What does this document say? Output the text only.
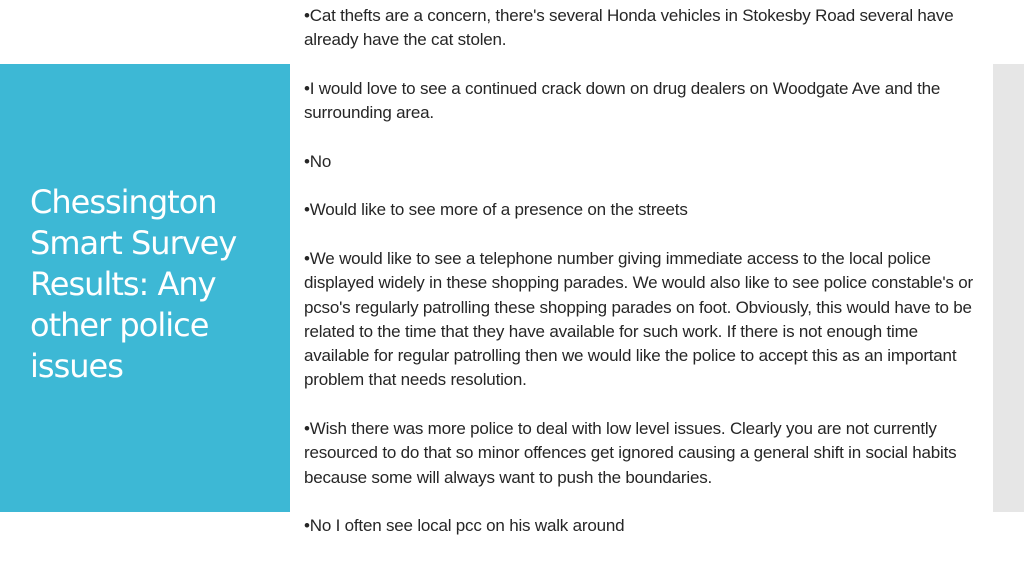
Chessington Smart Survey Results: Any other police issues

•Cat thefts are a concern, there's several Honda vehicles in Stokesby Road several have already have the cat stolen.

•I would love to see a continued crack down on drug dealers on Woodgate Ave and the surrounding area.

•No

•Would like to see more of a presence on the streets

•We would like to see a telephone number giving immediate access to the local police displayed widely in these shopping parades. We would also like to see police constable's or pcso's regularly patrolling these shopping parades on foot. Obviously, this would have to be related to the time that they have available for such work. If there is not enough time available for regular patrolling then we would like the police to accept this as an important problem that needs resolution.

•Wish there was more police to deal with low level issues. Clearly you are not currently resourced to do that so minor offences get ignored causing a general shift in social habits because some will always want to push the boundaries.

•No I often see local pcc on his walk around
